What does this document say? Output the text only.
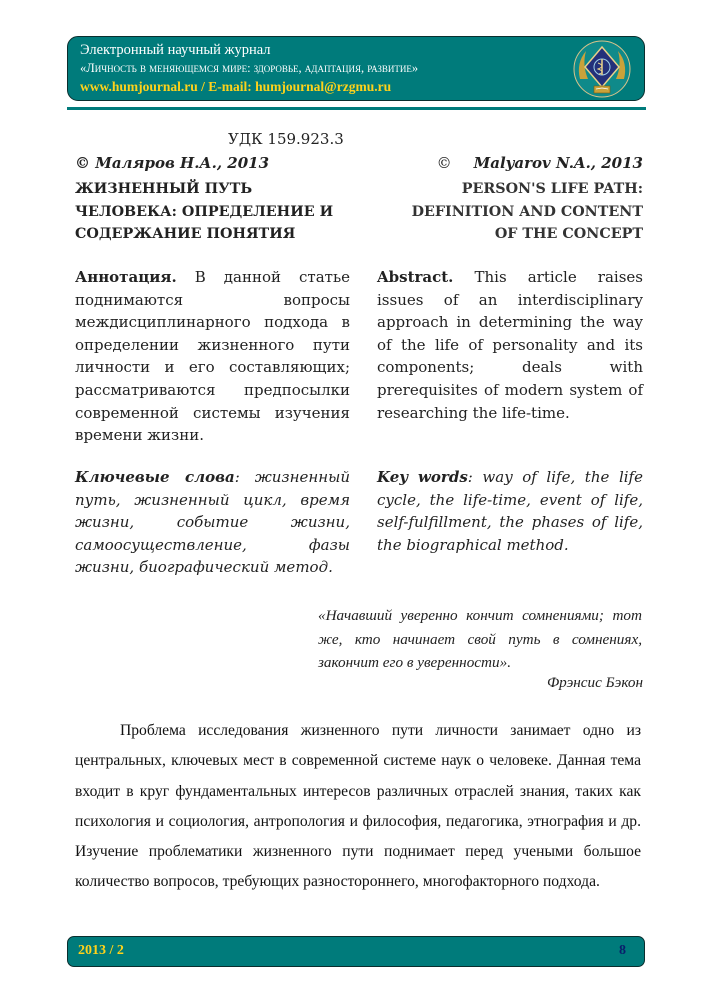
Электронный научный журнал
«Личность в меняющемся мире: здоровье, адаптация, развитие»
www.humjournal.ru / E-mail: humjournal@rzgmu.ru
УДК 159.923.3
© Маляров Н.А., 2013
ЖИЗНЕННЫЙ ПУТЬ
ЧЕЛОВЕКА: ОПРЕДЕЛЕНИЕ И
СОДЕРЖАНИЕ ПОНЯТИЯ
© Malyarov N.A., 2013
PERSON'S LIFE PATH:
DEFINITION AND CONTENT
OF THE CONCEPT
Аннотация. В данной статье поднимаются вопросы междисциплинарного подхода в определении жизненного пути личности и его составляющих; рассматриваются предпосылки современной системы изучения времени жизни.
Abstract. This article raises issues of an interdisciplinary approach in determining the way of the life of personality and its components; deals with prerequisites of modern system of researching the life-time.
Ключевые слова: жизненный путь, жизненный цикл, время жизни, событие жизни, самоосуществление, фазы жизни, биографический метод.
Key words: way of life, the life cycle, the life-time, event of life, self-fulfillment, the phases of life, the biographical method.
«Начавший уверенно кончит сомнениями; тот же, кто начинает свой путь в сомнениях, закончит его в уверенности».
Фрэнсис Бэкон
Проблема исследования жизненного пути личности занимает одно из центральных, ключевых мест в современной системе наук о человеке. Данная тема входит в круг фундаментальных интересов различных отраслей знания, таких как психология и социология, антропология и философия, педагогика, этнография и др. Изучение проблематики жизненного пути поднимает перед учеными большое количество вопросов, требующих разностороннего, многофакторного подхода.
2013 / 2	8
